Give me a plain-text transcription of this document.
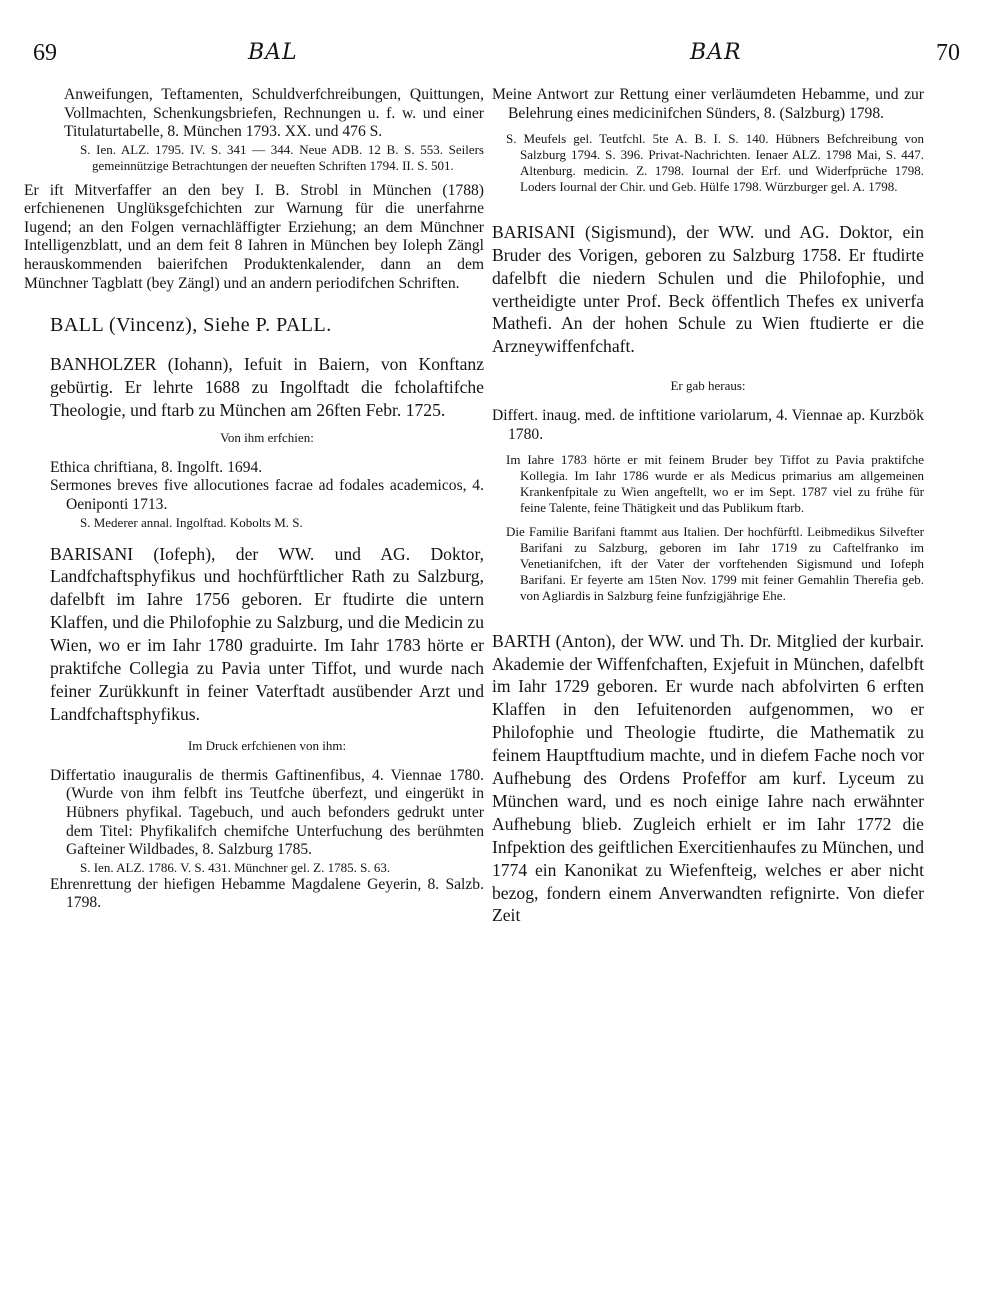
69	BAL	BAR	70

Anweifungen, Teftamenten, Schuldverfchreibungen, Quittungen, Vollmachten, Schenkungsbriefen, Rechnungen u. f. w. und einer Titulaturtabelle, 8. München 1793. XX. und 476 S.

S. Ien. ALZ. 1795. IV. S. 341 — 344. Neue ADB. 12 B. S. 553. Seilers gemeinnützige Betrachtungen der neueften Schriften 1794. II. S. 501.

Er ift Mitverfaffer an den bey I. B. Strobl in München (1788) erfchienenen Unglüksgefchichten zur Warnung für die unerfahrne Iugend; an den Folgen vernachläffigter Erziehung; an dem Münchner Intelligenzblatt, und an dem feit 8 Iahren in München bey Ioleph Zängl herauskommenden baierifchen Produktenkalender, dann an dem Münchner Tagblatt (bey Zängl) und an andern periodifchen Schriften.

BALL (Vincenz), Siehe P. PALL.

BANHOLZER (Iohann), Iefuit in Baiern, von Konftanz gebürtig. Er lehrte 1688 zu Ingolftadt die fcholaftifche Theologie, und ftarb zu München am 26ften Febr. 1725.

Von ihm erfchien:

Ethica chriftiana, 8. Ingolft. 1694.

Sermones breves five allocutiones facrae ad fodales academicos, 4. Oeniponti 1713.

S. Mederer annal. Ingolftad. Kobolts M. S.

BARISANI (Iofeph), der WW. und AG. Doktor, Landfchaftsphyfikus und hochfürftlicher Rath zu Salzburg, dafelbft im Iahre 1756 geboren. Er ftudirte die untern Klaffen, und die Philofophie zu Salzburg, und die Medicin zu Wien, wo er im Iahr 1780 graduirte. Im Iahr 1783 hörte er praktifche Collegia zu Pavia unter Tiffot, und wurde nach feiner Zurükkunft in feiner Vaterftadt ausübender Arzt und Landfchaftsphyfikus.

Im Druck erfchienen von ihm:

Differtatio inauguralis de thermis Gaftinenfibus, 4. Viennae 1780. (Wurde von ihm felbft ins Teutfche überfezt, und eingerükt in Hübners phyfikal. Tagebuch, und auch befonders gedrukt unter dem Titel: Phyfikalifch chemifche Unterfuchung des berühmten Gafteiner Wildbades, 8. Salzburg 1785.

S. Ien. ALZ. 1786. V. S. 431. Münchner gel. Z. 1785. S. 63.

Ehrenrettung der hiefigen Hebamme Magdalene Geyerin, 8. Salzb. 1798.

Meine Antwort zur Rettung einer verläumdeten Hebamme, und zur Belehrung eines medicinifchen Sünders, 8. (Salzburg) 1798.

S. Meufels gel. Teutfchl. 5te A. B. I. S. 140. Hübners Befchreibung von Salzburg 1794. S. 396. Privat-Nachrichten. Ienaer ALZ. 1798 Mai, S. 447. Altenburg. medicin. Z. 1798. Iournal der Erf. und Widerfprüche 1798. Loders Iournal der Chir. und Geb. Hülfe 1798. Würzburger gel. A. 1798.

BARISANI (Sigismund), der WW. und AG. Doktor, ein Bruder des Vorigen, geboren zu Salzburg 1758. Er ftudirte dafelbft die niedern Schulen und die Philofophie, und vertheidigte unter Prof. Beck öffentlich Thefes ex univerfa Mathefi. An der hohen Schule zu Wien ftudierte er die Arzneywiffenfchaft.

Er gab heraus:

Differt. inaug. med. de inftitione variolarum, 4. Viennae ap. Kurzbök 1780.

Im Iahre 1783 hörte er mit feinem Bruder bey Tiffot zu Pavia praktifche Kollegia. Im Iahr 1786 wurde er als Medicus primarius am allgemeinen Krankenfpitale zu Wien angeftellt, wo er im Sept. 1787 viel zu frühe für feine Talente, feine Thätigkeit und das Publikum ftarb.

Die Familie Barifani ftammt aus Italien. Der hochfürftl. Leibmedikus Silvefter Barifani zu Salzburg, geboren im Iahr 1719 zu Caftelfranko im Venetianifchen, ift der Vater der vorftehenden Sigismund und Iofeph Barifani. Er feyerte am 15ten Nov. 1799 mit feiner Gemahlin Therefia geb. von Agliardis in Salzburg feine funfzigjährige Ehe.

BARTH (Anton), der WW. und Th. Dr. Mitglied der kurbair. Akademie der Wiffenfchaften, Exjefuit in München, dafelbft im Iahr 1729 geboren. Er wurde nach abfolvirten 6 erften Klaffen in den Iefuitenorden aufgenommen, wo er Philofophie und Theologie ftudirte, die Mathematik zu feinem Hauptftudium machte, und in diefem Fache noch vor Aufhebung des Ordens Profeffor am kurf. Lyceum zu München ward, und es noch einige Iahre nach erwähnter Aufhebung blieb. Zugleich erhielt er im Iahr 1772 die Infpektion des geiftlichen Exercitienhaufes zu München, und 1774 ein Kanonikat zu Wiefenfteig, welches er aber nicht bezog, fondern einem Anverwandten refignirte. Von diefer Zeit
